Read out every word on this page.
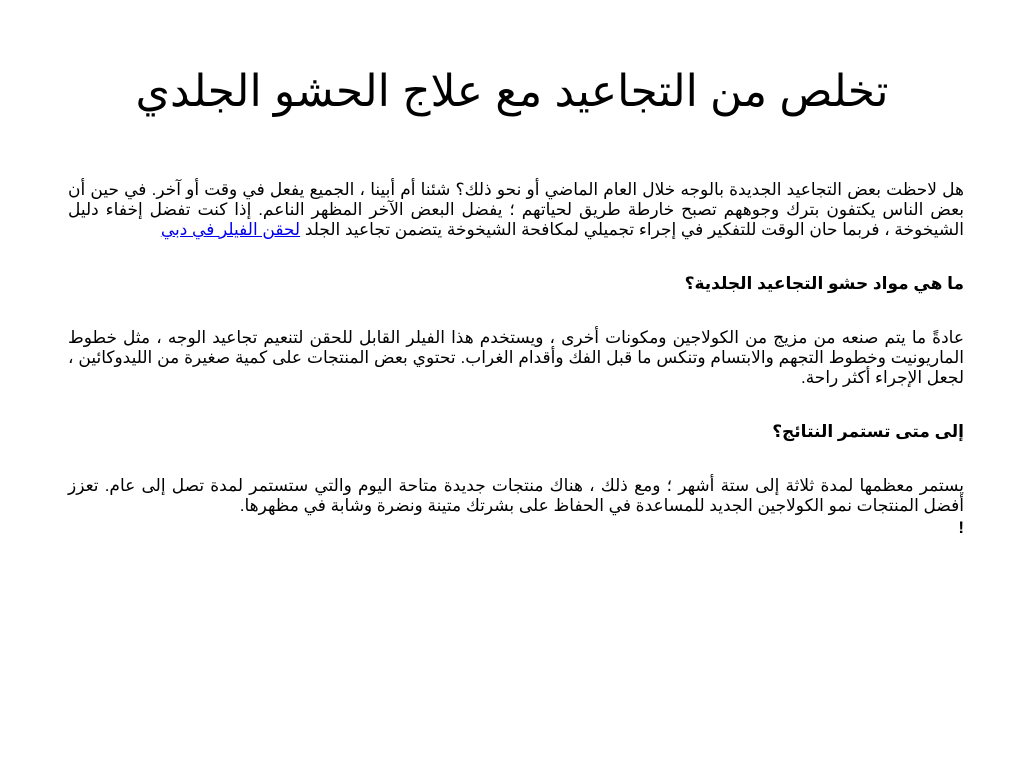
تخلص من التجاعيد مع علاج الحشو الجلدي

هل لاحظت بعض التجاعيد الجديدة بالوجه خلال العام الماضي أو نحو ذلك؟ شئنا أم أبينا ، الجميع يفعل في وقت أو آخر. في حين أن بعض الناس يكتفون بترك وجوههم تصبح خارطة طريق لحياتهم ؛ يفضل البعض الآخر المظهر الناعم. إذا كنت تفضل إخفاء دليل الشيخوخة ، فربما حان الوقت للتفكير في إجراء تجميلي لمكافحة الشيخوخة يتضمن تجاعيد الجلد لحقن الفيلر في دبي

ما هي مواد حشو التجاعيد الجلدية؟

عادةً ما يتم صنعه من مزيج من الكولاجين ومكونات أخرى ، ويستخدم هذا الفيلر القابل للحقن لتنعيم تجاعيد الوجه ، مثل خطوط الماريونيت وخطوط التجهم والابتسام وتنكس ما قبل الفك وأقدام الغراب. تحتوي بعض المنتجات على كمية صغيرة من الليدوكائين ، لجعل الإجراء أكثر راحة.

إلى متى تستمر النتائج؟

يستمر معظمها لمدة ثلاثة إلى ستة أشهر ؛ ومع ذلك ، هناك منتجات جديدة متاحة اليوم والتي ستستمر لمدة تصل إلى عام. تعزز أفضل المنتجات نمو الكولاجين الجديد للمساعدة في الحفاظ على بشرتك متينة ونضرة وشابة في مظهرها.

!
